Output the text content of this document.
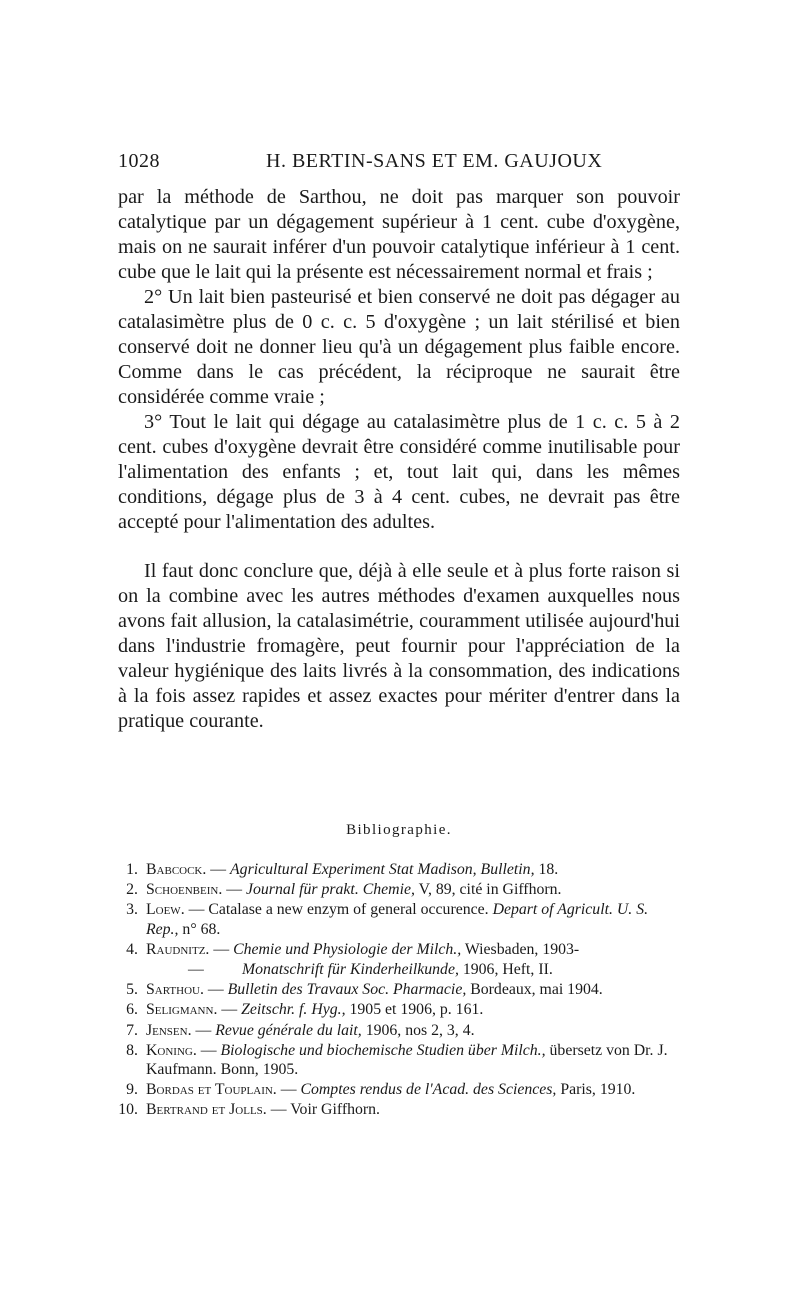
1028	H. BERTIN-SANS ET EM. GAUJOUX

par la méthode de Sarthou, ne doit pas marquer son pouvoir catalytique par un dégagement supérieur à 1 cent. cube d'oxygène, mais on ne saurait inférer d'un pouvoir catalytique inférieur à 1 cent. cube que le lait qui la présente est nécessairement normal et frais ;

2° Un lait bien pasteurisé et bien conservé ne doit pas dégager au catalasimètre plus de 0 c. c. 5 d'oxygène ; un lait stérilisé et bien conservé doit ne donner lieu qu'à un dégagement plus faible encore. Comme dans le cas précédent, la réciproque ne saurait être considérée comme vraie ;

3° Tout le lait qui dégage au catalasimètre plus de 1 c. c. 5 à 2 cent. cubes d'oxygène devrait être considéré comme inutilisable pour l'alimentation des enfants ; et, tout lait qui, dans les mêmes conditions, dégage plus de 3 à 4 cent. cubes, ne devrait pas être accepté pour l'alimentation des adultes.

Il faut donc conclure que, déjà à elle seule et à plus forte raison si on la combine avec les autres méthodes d'examen auxquelles nous avons fait allusion, la catalasimétrie, couramment utilisée aujourd'hui dans l'industrie fromagère, peut fournir pour l'appréciation de la valeur hygiénique des laits livrés à la consommation, des indications à la fois assez rapides et assez exactes pour mériter d'entrer dans la pratique courante.

Bibliographie.
1. Babcock. — Agricultural Experiment Stat Madison, Bulletin, 18.
2. Schoenbein. — Journal für prakt. Chemie, V, 89, cité in Giffhorn.
3. Loew. — Catalase a new enzym of general occurence. Depart of Agricult. U. S. Rep., n° 68.
4. Raudnitz. — Chemie und Physiologie der Milch., Wiesbaden, 1903-
— Monatschrift für Kinderheilkunde, 1906, Heft, II.
5. Sarthou. — Bulletin des Travaux Soc. Pharmacie, Bordeaux, mai 1904.
6. Seligmann. — Zeitschr. f. Hyg., 1905 et 1906, p. 161.
7. Jensen. — Revue générale du lait, 1906, nos 2, 3, 4.
8. Koning. — Biologische und biochemische Studien über Milch., übersetz von Dr. J. Kaufmann. Bonn, 1905.
9. Bordas et Touplain. — Comptes rendus de l'Acad. des Sciences, Paris, 1910.
10. Bertrand et Jolls. — Voir Giffhorn.
